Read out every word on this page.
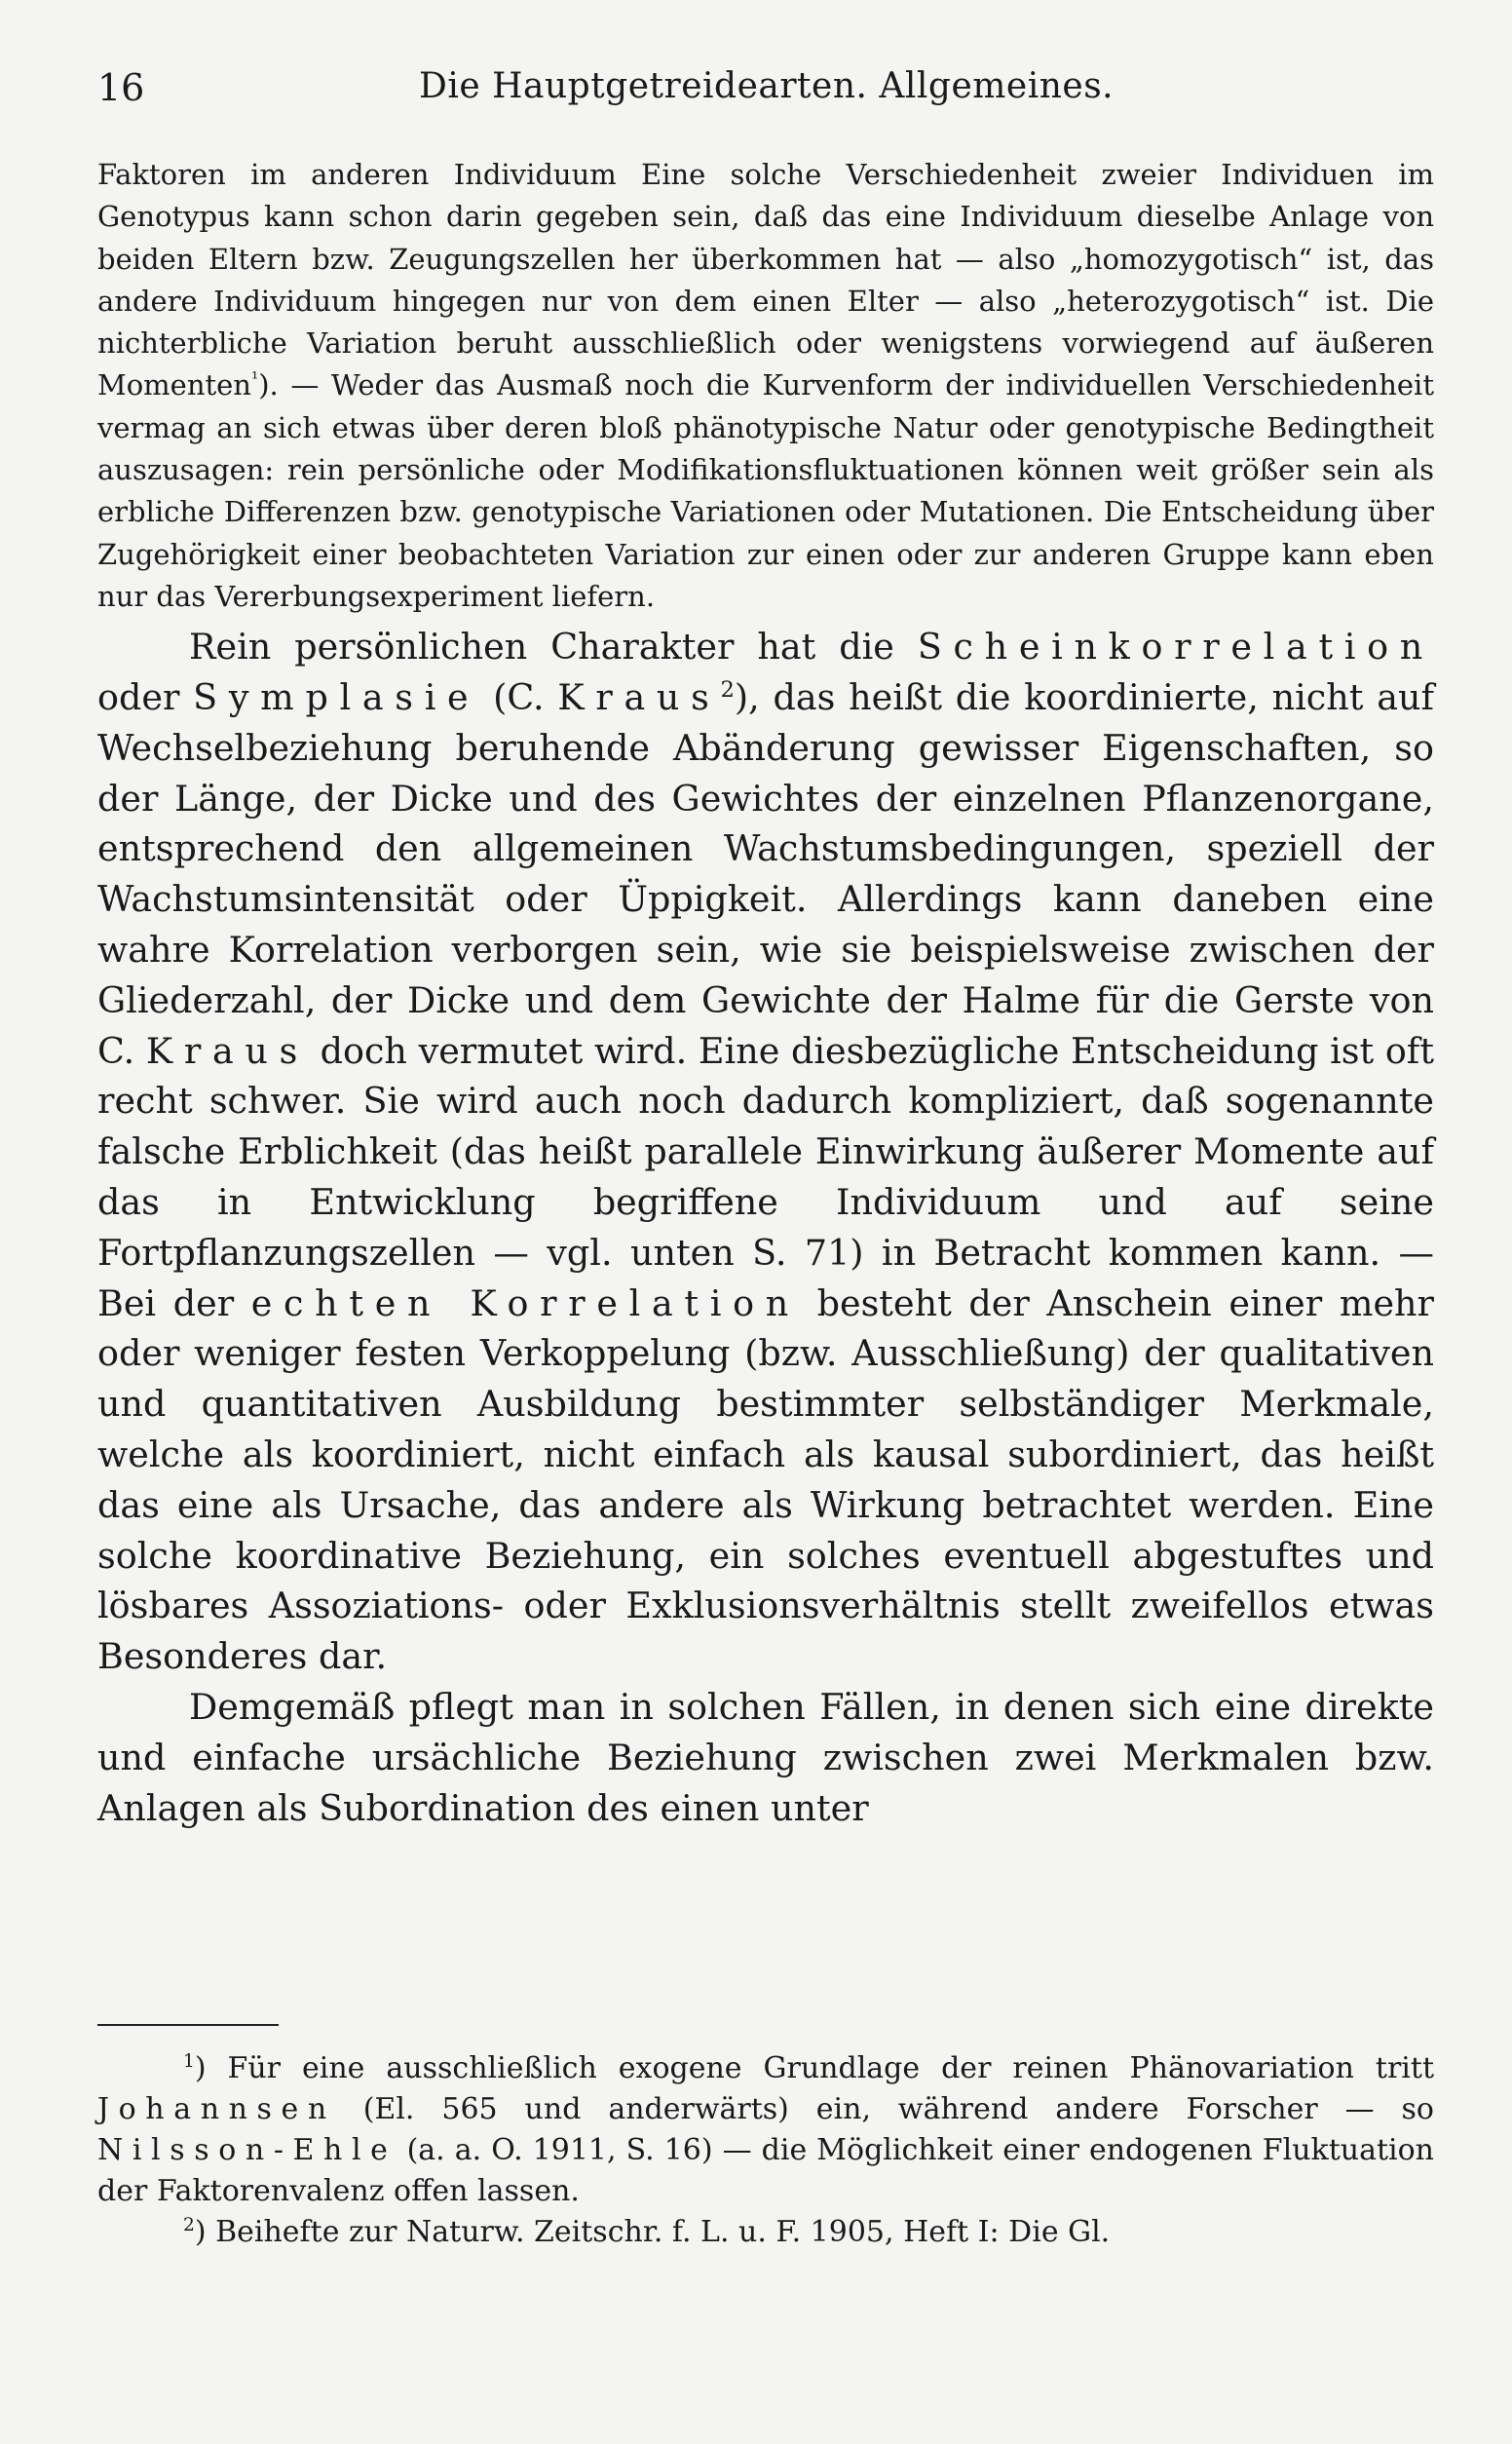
16	Die Hauptgetreidearten. Allgemeines.

Faktoren im anderen Individuum Eine solche Verschiedenheit zweier Individuen im Genotypus kann schon darin gegeben sein, daß das eine Individuum dieselbe Anlage von beiden Eltern bzw. Zeugungszellen her überkommen hat — also „homozygotisch“ ist, das andere Individuum hingegen nur von dem einen Elter — also „heterozygotisch“ ist. Die nichterbliche Variation beruht ausschließlich oder wenigstens vorwiegend auf äußeren Momenten$^{^1}$). — Weder das Ausmaß noch die Kurvenform der individuellen Verschiedenheit vermag an sich etwas über deren bloß phänotypische Natur oder genotypische Bedingtheit auszusagen: rein persönliche oder Modifikationsfluktuationen können weit größer sein als erbliche Differenzen bzw. genotypische Variationen oder Mutationen. Die Entscheidung über Zugehörigkeit einer beobachteten Variation zur einen oder zur anderen Gruppe kann eben nur das Vererbungsexperiment liefern.

Rein persönlichen Charakter hat die Scheinkorrelation oder Symplasie (C. Kraus$^2$), das heißt die koordinierte, nicht auf Wechselbeziehung beruhende Abänderung gewisser Eigenschaften, so der Länge, der Dicke und des Gewichtes der einzelnen Pflanzenorgane, entsprechend den allgemeinen Wachstumsbedingungen, speziell der Wachstumsintensität oder Üppigkeit. Allerdings kann daneben eine wahre Korrelation verborgen sein, wie sie beispielsweise zwischen der Gliederzahl, der Dicke und dem Gewichte der Halme für die Gerste von C. Kraus doch vermutet wird. Eine diesbezügliche Entscheidung ist oft recht schwer. Sie wird auch noch dadurch kompliziert, daß sogenannte falsche Erblichkeit (das heißt parallele Einwirkung äußerer Momente auf das in Entwicklung begriffene Individuum und auf seine Fortpflanzungszellen — vgl. unten S. 71) in Betracht kommen kann. — Bei der echten Korrelation besteht der Anschein einer mehr oder weniger festen Verkoppelung (bzw. Ausschließung) der qualitativen und quantitativen Ausbildung bestimmter selbständiger Merkmale, welche als koordiniert, nicht einfach als kausal subordiniert, das heißt das eine als Ursache, das andere als Wirkung betrachtet werden. Eine solche koordinative Beziehung, ein solches eventuell abgestuftes und lösbares Assoziations- oder Exklusionsverhältnis stellt zweifellos etwas Besonderes dar.

Demgemäß pflegt man in solchen Fällen, in denen sich eine direkte und einfache ursächliche Beziehung zwischen zwei Merkmalen bzw. Anlagen als Subordination des einen unter

$^1$) Für eine ausschließlich exogene Grundlage der reinen Phänovariation tritt Johannsen (El. 565 und anderwärts) ein, während andere Forscher — so Nilsson-Ehle (a. a. O. 1911, S. 16) — die Möglichkeit einer endogenen Fluktuation der Faktorenvalenz offen lassen.

$^2$) Beihefte zur Naturw. Zeitschr. f. L. u. F. 1905, Heft I: Die Gl.
